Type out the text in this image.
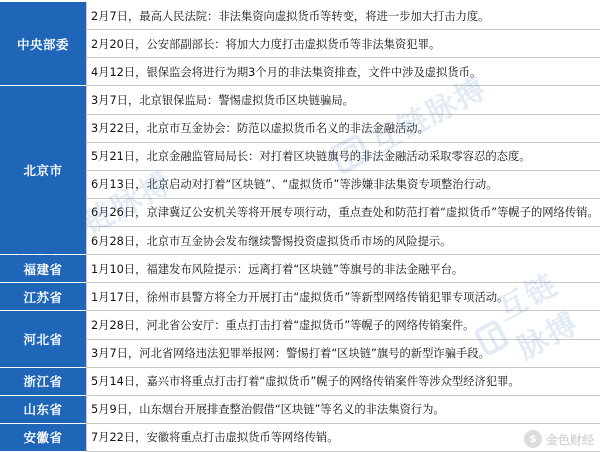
中央部委
北京市
福建省
江苏省
河北省
浙江省
山东省
安徽省
2月7日，最高人民法院：非法集资向虚拟货币等转变，将进一步加大打击力度。
2月20日，公安部副部长：将加大力度打击虚拟货币等非法集资犯罪。
4月12日，银保监会将进行为期3个月的非法集资排查，文件中涉及虚拟货币。
3月7日，北京银保监局：警惕虚拟货币区块链骗局。
3月22日，北京市互金协会：防范以虚拟货币名义的非法金融活动。
5月21日，北京金融监管局局长：对打着区块链旗号的非法金融活动采取零容忍的态度。
6月13日，北京启动对打着“区块链”、“虚拟货币”等涉嫌非法集资专项整治行动。
6月26日，京津冀辽公安机关等将开展专项行动，重点查处和防范打着“虚拟货币”等幌子的网络传销。
6月28日，北京市互金协会发布继续警惕投资虚拟货币市场的风险提示。
1月10日，福建发布风险提示：远离打着“区块链”等旗号的非法金融平台。
1月17日，徐州市县警方将全力开展打击“虚拟货币”等新型网络传销犯罪专项活动。
2月28日，河北省公安厅：重点打击打着“虚拟货币”等幌子的网络传销案件。
3月7日，河北省网络违法犯罪举报网：警惕打着“区块链”旗号的新型诈骗手段。
5月14日，嘉兴市将重点打击打着“虚拟货币”幌子的网络传销案件等涉众型经济犯罪。
5月9日，山东烟台开展排查整治假借“区块链”等名义的非法集资行为。
7月22日，安徽将重点打击虚拟货币等网络传销。
互链脉搏
互链脉搏
互链脉搏
$ 金色财经
